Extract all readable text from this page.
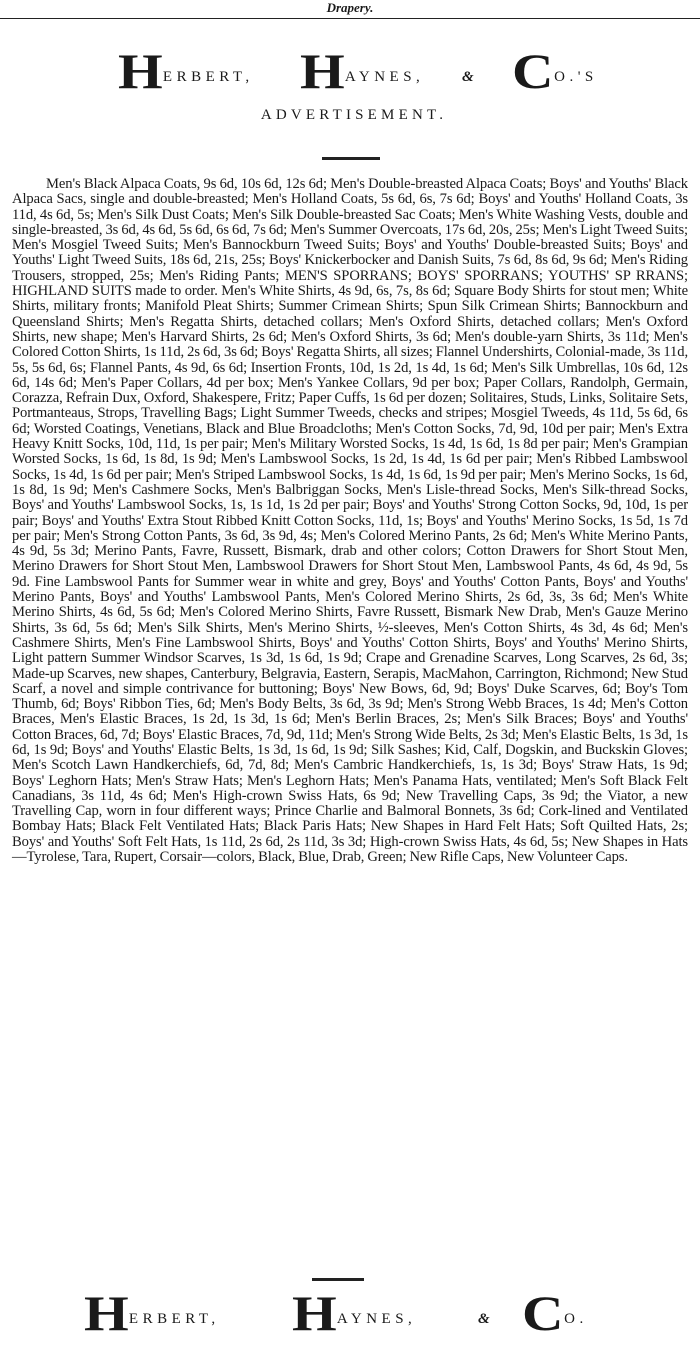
Drapery.
H ERBERT, H AYNES,	& C O.'S
ADVERTISEMENT.

Men's Black Alpaca Coats, 9s 6d, 10s 6d, 12s 6d; Men's Double-breasted Alpaca Coats; Boys' and Youths' Black Alpaca Sacs, single and double-breasted; Men's Holland Coats, 5s 6d, 6s, 7s 6d; Boys' and Youths' Holland Coats, 3s 11d, 4s 6d, 5s; Men's Silk Dust Coats; Men's Silk Double-breasted Sac Coats; Men's White Washing Vests, double and single-breasted, 3s 6d, 4s 6d, 5s 6d, 6s 6d, 7s 6d; Men's Summer Overcoats, 17s 6d, 20s, 25s; Men's Light Tweed Suits; Men's Mosgiel Tweed Suits; Men's Bannockburn Tweed Suits; Boys' and Youths' Double-breasted Suits; Boys' and Youths' Light Tweed Suits, 18s 6d, 21s, 25s; Boys' Knickerbocker and Danish Suits, 7s 6d, 8s 6d, 9s 6d; Men's Riding Trousers, stropped, 25s; Men's Riding Pants; MEN'S SPORRANS; BOYS' SPORRANS; YOUTHS' SP RRANS; HIGHLAND SUITS made to order. Men's White Shirts, 4s 9d, 6s, 7s, 8s 6d; Square Body Shirts for stout men; White Shirts, military fronts; Manifold Pleat Shirts; Summer Crimean Shirts; Spun Silk Crimean Shirts; Bannockburn and Queensland Shirts; Men's Regatta Shirts, detached collars; Men's Oxford Shirts, detached collars; Men's Oxford Shirts, new shape; Men's Harvard Shirts, 2s 6d; Men's Oxford Shirts, 3s 6d; Men's double-yarn Shirts, 3s 11d; Men's Colored Cotton Shirts, 1s 11d, 2s 6d, 3s 6d; Boys' Regatta Shirts, all sizes; Flannel Undershirts, Colonial-made, 3s 11d, 5s, 5s 6d, 6s; Flannel Pants, 4s 9d, 6s 6d; Insertion Fronts, 10d, 1s 2d, 1s 4d, 1s 6d; Men's Silk Umbrellas, 10s 6d, 12s 6d, 14s 6d; Men's Paper Collars, 4d per box; Men's Yankee Collars, 9d per box; Paper Collars, Randolph, Germain, Corazza, Refrain Dux, Oxford, Shakespere, Fritz; Paper Cuffs, 1s 6d per dozen; Solitaires, Studs, Links, Solitaire Sets, Portmanteaus, Strops, Travelling Bags; Light Summer Tweeds, checks and stripes; Mosgiel Tweeds, 4s 11d, 5s 6d, 6s 6d; Worsted Coatings, Venetians, Black and Blue Broadcloths; Men's Cotton Socks, 7d, 9d, 10d per pair; Men's Extra Heavy Knitt Socks, 10d, 11d, 1s per pair; Men's Military Worsted Socks, 1s 4d, 1s 6d, 1s 8d per pair; Men's Grampian Worsted Socks, 1s 6d, 1s 8d, 1s 9d; Men's Lambswool Socks, 1s 2d, 1s 4d, 1s 6d per pair; Men's Ribbed Lambswool Socks, 1s 4d, 1s 6d per pair; Men's Striped Lambswool Socks, 1s 4d, 1s 6d, 1s 9d per pair; Men's Merino Socks, 1s 6d, 1s 8d, 1s 9d; Men's Cashmere Socks, Men's Balbriggan Socks, Men's Lisle-thread Socks, Men's Silk-thread Socks, Boys' and Youths' Lambswool Socks, 1s, 1s 1d, 1s 2d per pair; Boys' and Youths' Strong Cotton Socks, 9d, 10d, 1s per pair; Boys' and Youths' Extra Stout Ribbed Knitt Cotton Socks, 11d, 1s; Boys' and Youths' Merino Socks, 1s 5d, 1s 7d per pair; Men's Strong Cotton Pants, 3s 6d, 3s 9d, 4s; Men's Colored Merino Pants, 2s 6d; Men's White Merino Pants, 4s 9d, 5s 3d; Merino Pants, Favre, Russett, Bismark, drab and other colors; Cotton Drawers for Short Stout Men, Merino Drawers for Short Stout Men, Lambswool Drawers for Short Stout Men, Lambswool Pants, 4s 6d, 4s 9d, 5s 9d. Fine Lambswool Pants for Summer wear in white and grey, Boys' and Youths' Cotton Pants, Boys' and Youths' Merino Pants, Boys' and Youths' Lambswool Pants, Men's Colored Merino Shirts, 2s 6d, 3s, 3s 6d; Men's White Merino Shirts, 4s 6d, 5s 6d; Men's Colored Merino Shirts, Favre Russett, Bismark New Drab, Men's Gauze Merino Shirts, 3s 6d, 5s 6d; Men's Silk Shirts, Men's Merino Shirts, ½-sleeves, Men's Cotton Shirts, 4s 3d, 4s 6d; Men's Cashmere Shirts, Men's Fine Lambswool Shirts, Boys' and Youths' Cotton Shirts, Boys' and Youths' Merino Shirts, Light pattern Summer Windsor Scarves, 1s 3d, 1s 6d, 1s 9d; Crape and Grenadine Scarves, Long Scarves, 2s 6d, 3s; Made-up Scarves, new shapes, Canterbury, Belgravia, Eastern, Serapis, MacMahon, Carrington, Richmond; New Stud Scarf, a novel and simple contrivance for buttoning; Boys' New Bows, 6d, 9d; Boys' Duke Scarves, 6d; Boy's Tom Thumb, 6d; Boys' Ribbon Ties, 6d; Men's Body Belts, 3s 6d, 3s 9d; Men's Strong Webb Braces, 1s 4d; Men's Cotton Braces, Men's Elastic Braces, 1s 2d, 1s 3d, 1s 6d; Men's Berlin Braces, 2s; Men's Silk Braces; Boys' and Youths' Cotton Braces, 6d, 7d; Boys' Elastic Braces, 7d, 9d, 11d; Men's Strong Wide Belts, 2s 3d; Men's Elastic Belts, 1s 3d, 1s 6d, 1s 9d; Boys' and Youths' Elastic Belts, 1s 3d, 1s 6d, 1s 9d; Silk Sashes; Kid, Calf, Dogskin, and Buckskin Gloves; Men's Scotch Lawn Handkerchiefs, 6d, 7d, 8d; Men's Cambric Handkerchiefs, 1s, 1s 3d; Boys' Straw Hats, 1s 9d; Boys' Leghorn Hats; Men's Straw Hats; Men's Leghorn Hats; Men's Panama Hats, ventilated; Men's Soft Black Felt Canadians, 3s 11d, 4s 6d; Men's High-crown Swiss Hats, 6s 9d; New Travelling Caps, 3s 9d; the Viator, a new Travelling Cap, worn in four different ways; Prince Charlie and Balmoral Bonnets, 3s 6d; Cork-lined and Ventilated Bombay Hats; Black Felt Ventilated Hats; Black Paris Hats; New Shapes in Hard Felt Hats; Soft Quilted Hats, 2s; Boys' and Youths' Soft Felt Hats, 1s 11d, 2s 6d, 2s 11d, 3s 3d; High-crown Swiss Hats, 4s 6d, 5s; New Shapes in Hats—Tyrolese, Tara, Rupert, Corsair—colors, Black, Blue, Drab, Green; New Rifle Caps, New Volunteer Caps.

H ERBERT, H AYNES,	& C O.
